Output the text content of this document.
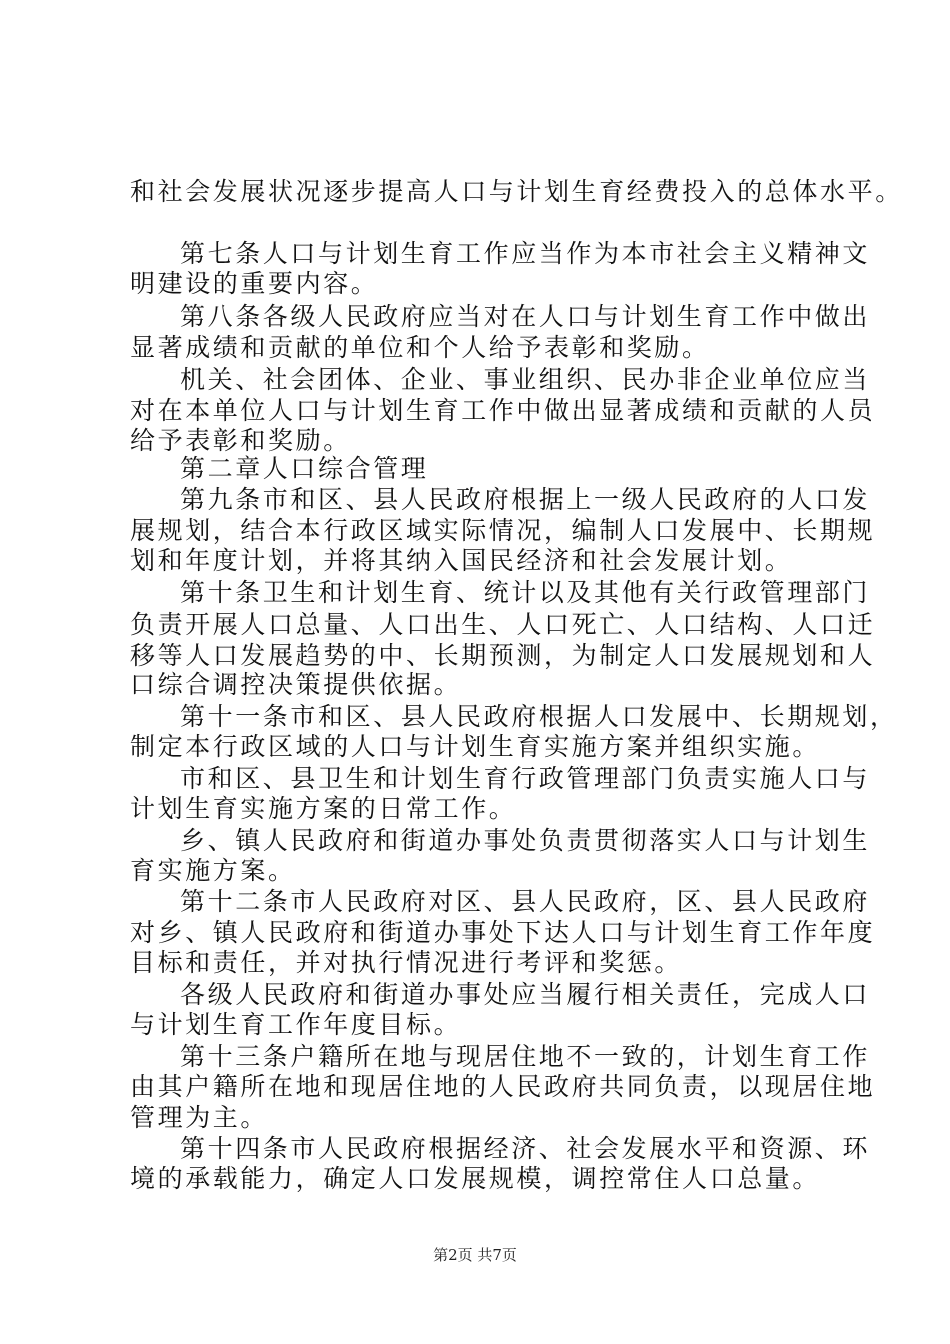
和社会发展状况逐步提高人口与计划生育经费投入的总体水平。
第七条人口与计划生育工作应当作为本市社会主义精神文
明建设的重要内容。
第八条各级人民政府应当对在人口与计划生育工作中做出
显著成绩和贡献的单位和个人给予表彰和奖励。
机关、社会团体、企业、事业组织、民办非企业单位应当
对在本单位人口与计划生育工作中做出显著成绩和贡献的人员
给予表彰和奖励。
第二章人口综合管理
第九条市和区、县人民政府根据上一级人民政府的人口发
展规划，结合本行政区域实际情况，编制人口发展中、长期规
划和年度计划，并将其纳入国民经济和社会发展计划。
第十条卫生和计划生育、统计以及其他有关行政管理部门
负责开展人口总量、人口出生、人口死亡、人口结构、人口迁
移等人口发展趋势的中、长期预测，为制定人口发展规划和人
口综合调控决策提供依据。
第十一条市和区、县人民政府根据人口发展中、长期规划，
制定本行政区域的人口与计划生育实施方案并组织实施。
市和区、县卫生和计划生育行政管理部门负责实施人口与
计划生育实施方案的日常工作。
乡、镇人民政府和街道办事处负责贯彻落实人口与计划生
育实施方案。
第十二条市人民政府对区、县人民政府，区、县人民政府
对乡、镇人民政府和街道办事处下达人口与计划生育工作年度
目标和责任，并对执行情况进行考评和奖惩。
各级人民政府和街道办事处应当履行相关责任，完成人口
与计划生育工作年度目标。
第十三条户籍所在地与现居住地不一致的，计划生育工作
由其户籍所在地和现居住地的人民政府共同负责，以现居住地
管理为主。
第十四条市人民政府根据经济、社会发展水平和资源、环
境的承载能力，确定人口发展规模，调控常住人口总量。
第2页 共7页
